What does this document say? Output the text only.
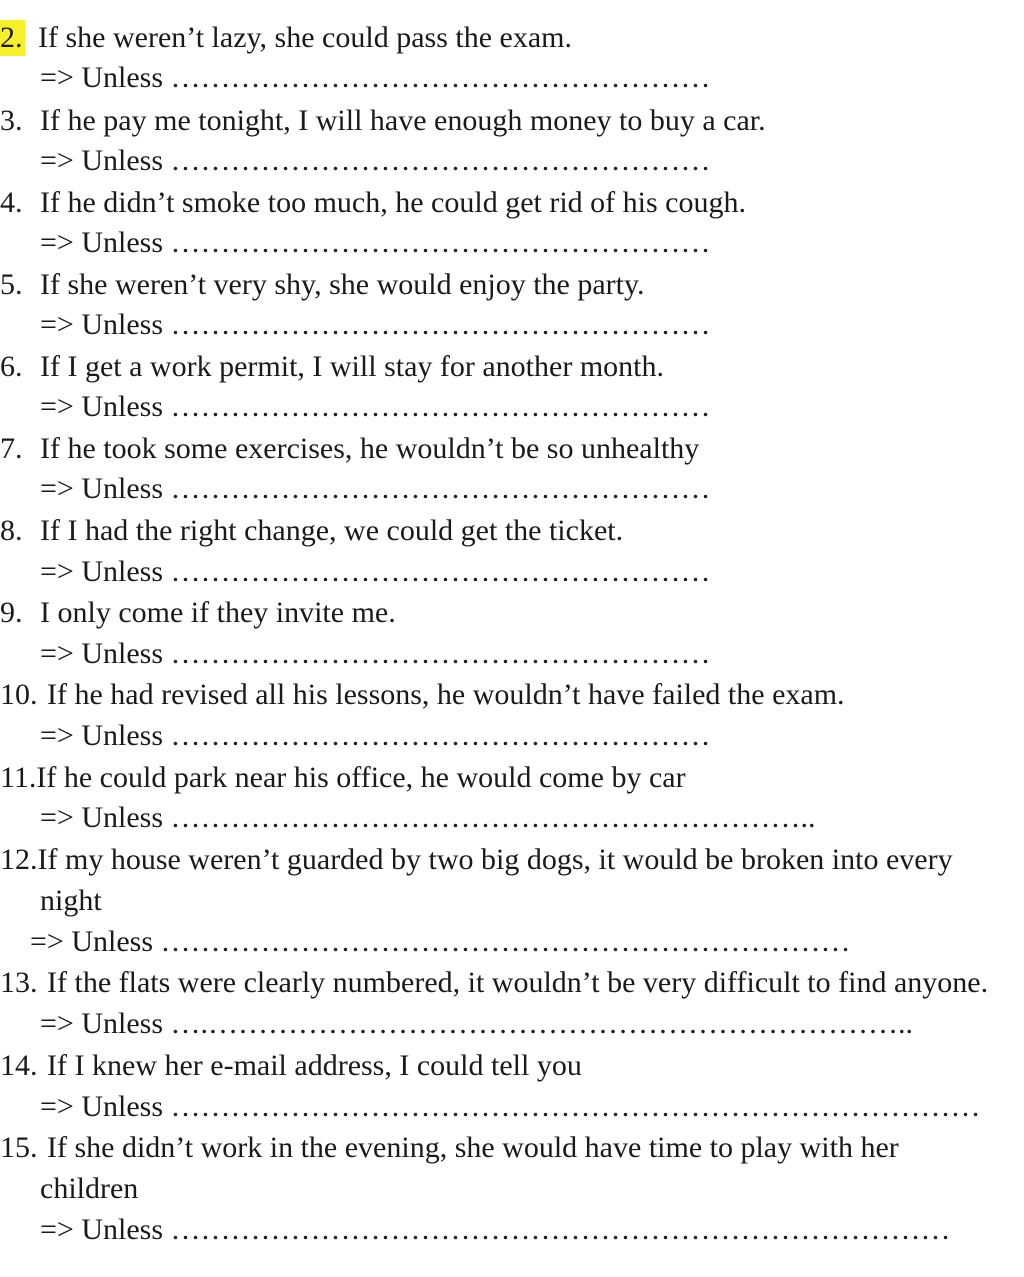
2. If she weren’t lazy, she could pass the exam.
=> Unless ………………………………………………
3. If he pay me tonight, I will have enough money to buy a car.
=> Unless ………………………………………………
4. If he didn’t smoke too much, he could get rid of his cough.
=> Unless ………………………………………………
5. If she weren’t very shy, she would enjoy the party.
=> Unless ………………………………………………
6. If I get a work permit, I will stay for another month.
=> Unless ………………………………………………
7. If he took some exercises, he wouldn’t be so unhealthy
=> Unless ………………………………………………
8. If I had the right change, we could get the ticket.
=> Unless ………………………………………………
9. I only come if they invite me.
=> Unless ………………………………………………
10. If he had revised all his lessons, he wouldn’t have failed the exam.
=> Unless ………………………………………………
11.If he could park near his office, he would come by car
=> Unless ………………………………………………………..
12.If my house weren’t guarded by two big dogs, it would be broken into every
night
=> Unless ……………………………………………………………
13. If the flats were clearly numbered, it wouldn’t be very difficult to find anyone.
=> Unless ….……………………………………………………………..
14. If I knew her e-mail address, I could tell you
=> Unless ………………………………………………………………………
15. If she didn’t work in the evening, she would have time to play with her
children
=> Unless ……………………………………………………………………
